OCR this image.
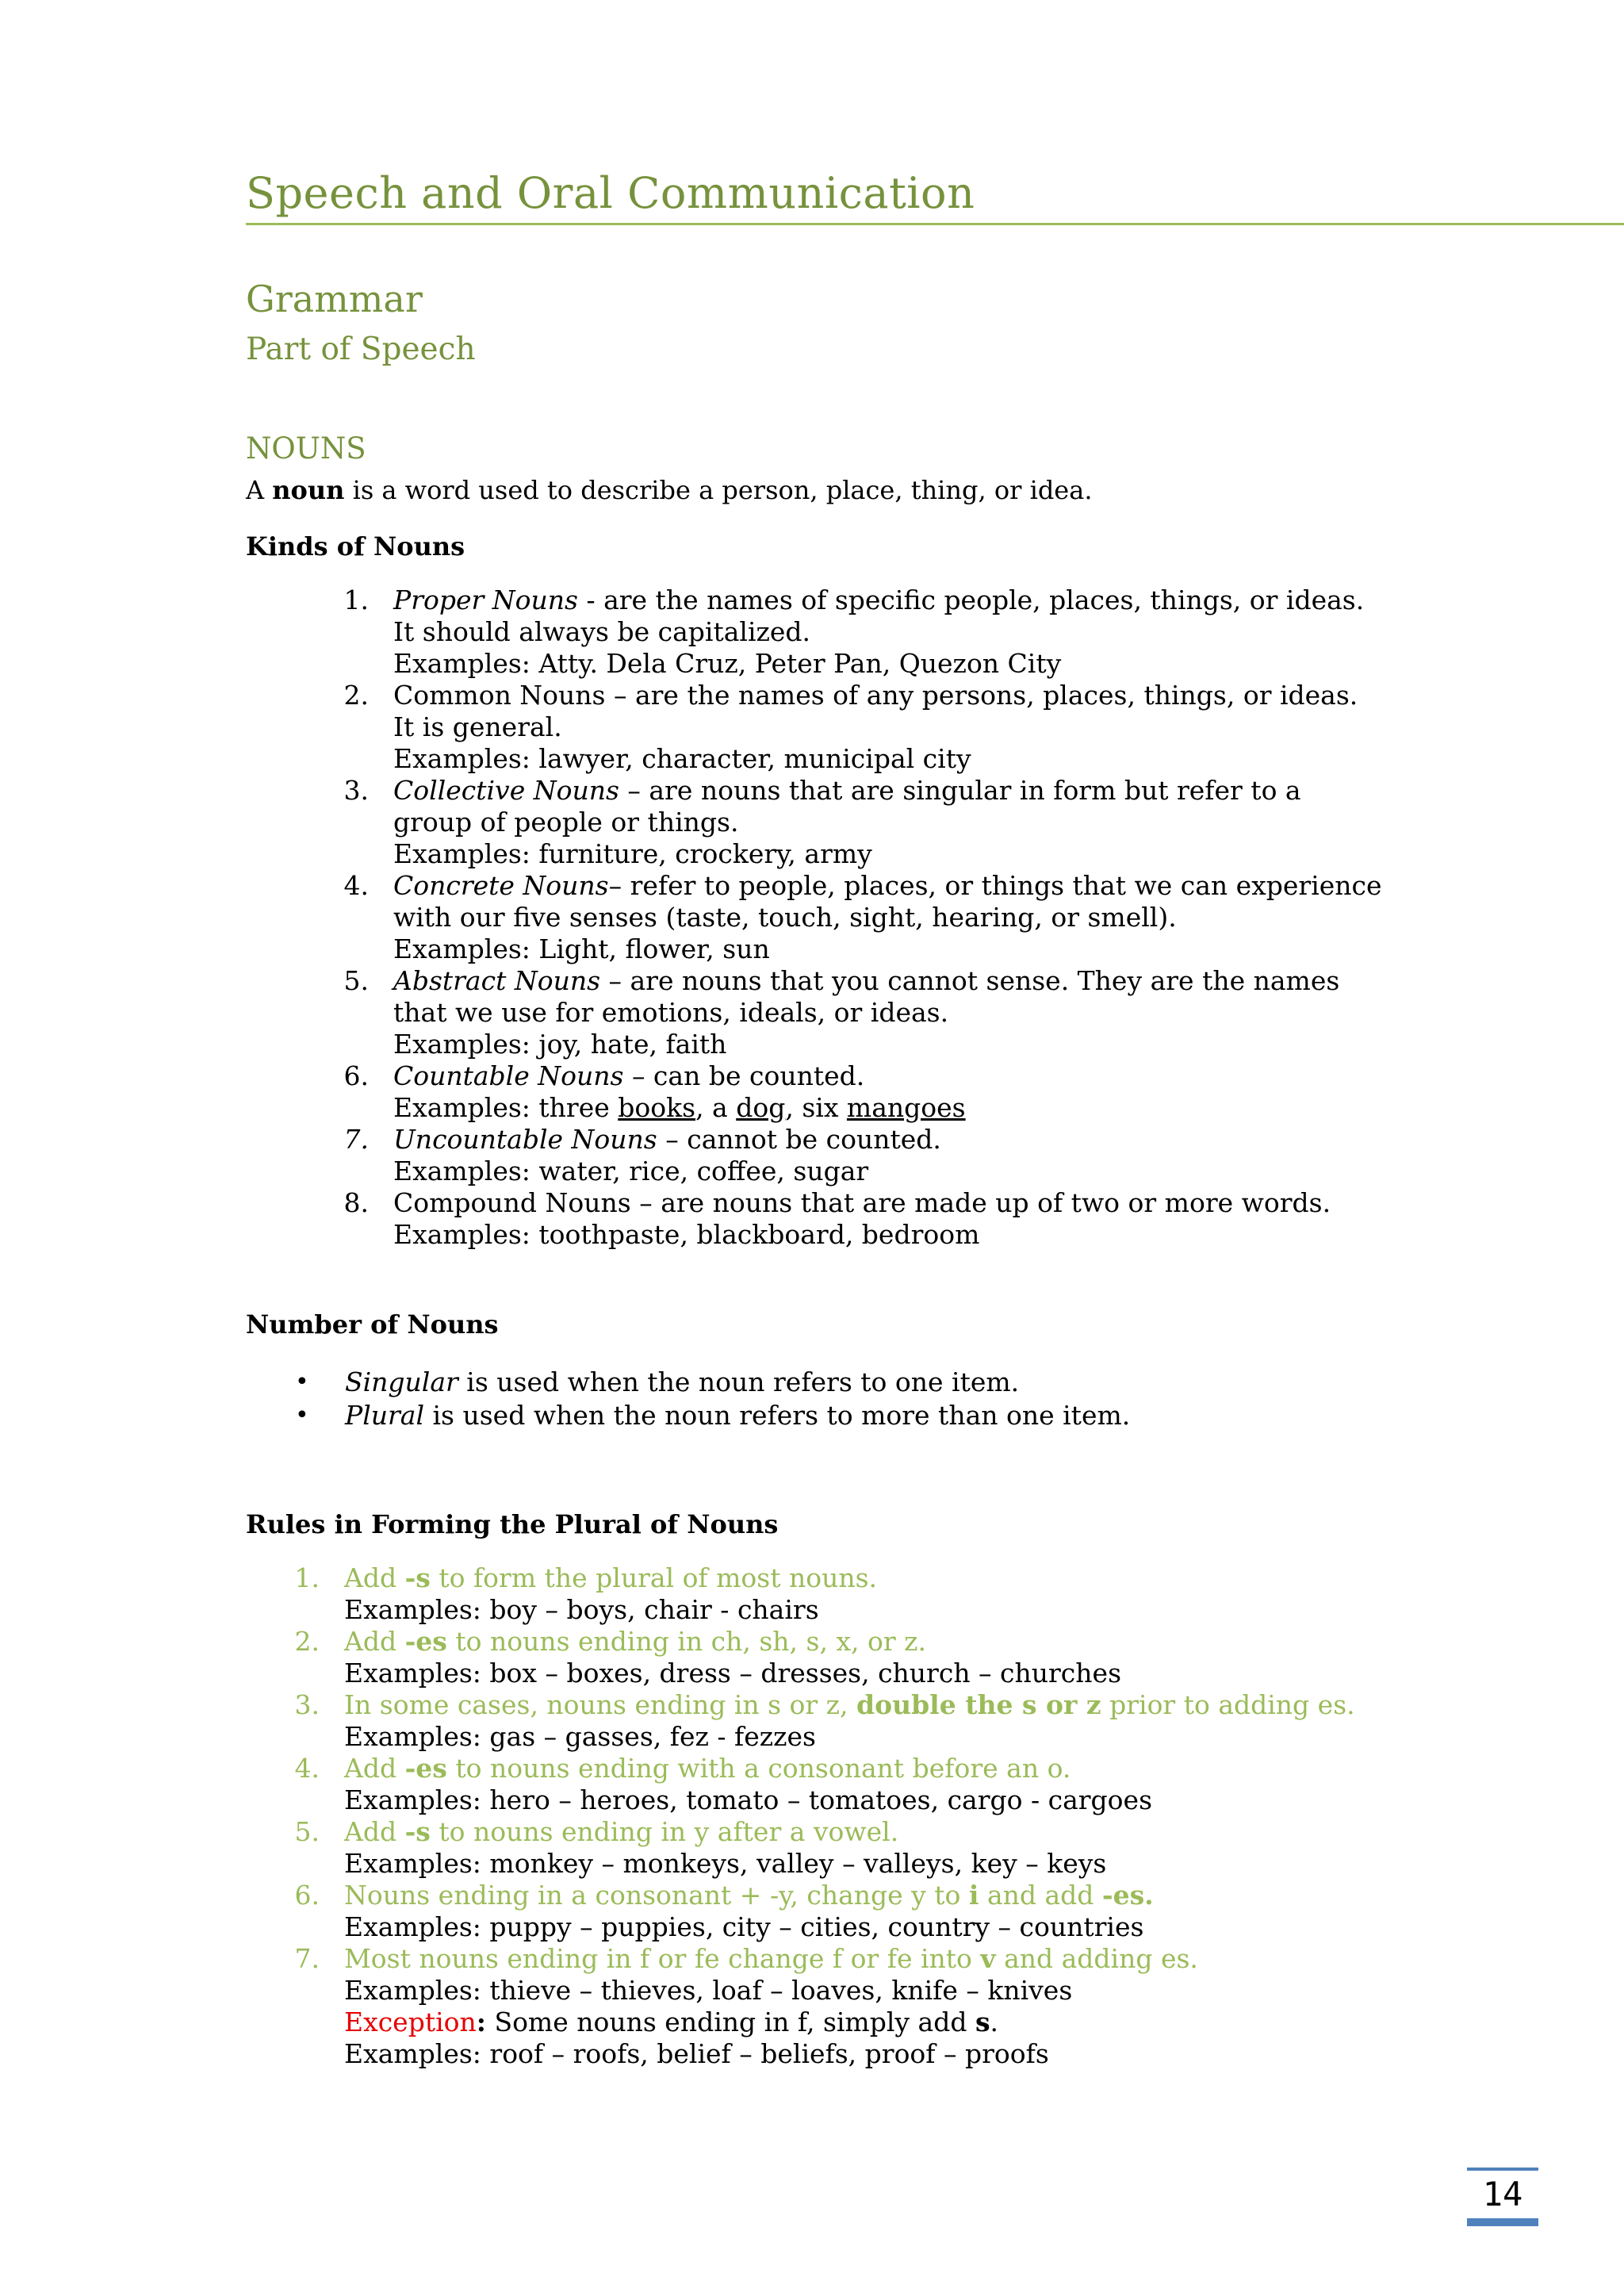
Speech and Oral Communication
Grammar
Part of Speech
NOUNS
A noun is a word used to describe a person, place, thing, or idea.
Kinds of Nouns
1. Proper Nouns - are the names of specific people, places, things, or ideas.
It should always be capitalized.
Examples: Atty. Dela Cruz, Peter Pan, Quezon City
2. Common Nouns – are the names of any persons, places, things, or ideas.
It is general.
Examples: lawyer, character, municipal city
3. Collective Nouns – are nouns that are singular in form but refer to a
group of people or things.
Examples: furniture, crockery, army
4. Concrete Nouns– refer to people, places, or things that we can experience
with our five senses (taste, touch, sight, hearing, or smell).
Examples: Light, flower, sun
5. Abstract Nouns – are nouns that you cannot sense. They are the names
that we use for emotions, ideals, or ideas.
Examples: joy, hate, faith
6. Countable Nouns – can be counted.
Examples: three books, a dog, six mangoes
7. Uncountable Nouns – cannot be counted.
Examples: water, rice, coffee, sugar
8. Compound Nouns – are nouns that are made up of two or more words.
Examples: toothpaste, blackboard, bedroom
Number of Nouns
• Singular is used when the noun refers to one item.
• Plural is used when the noun refers to more than one item.
Rules in Forming the Plural of Nouns
1. Add -s to form the plural of most nouns.
Examples: boy – boys, chair - chairs
2. Add -es to nouns ending in ch, sh, s, x, or z.
Examples: box – boxes, dress – dresses, church – churches
3. In some cases, nouns ending in s or z, double the s or z prior to adding es.
Examples: gas – gasses, fez - fezzes
4. Add -es to nouns ending with a consonant before an o.
Examples: hero – heroes, tomato – tomatoes, cargo - cargoes
5. Add -s to nouns ending in y after a vowel.
Examples: monkey – monkeys, valley – valleys, key – keys
6. Nouns ending in a consonant + -y, change y to i and add -es.
Examples: puppy – puppies, city – cities, country – countries
7. Most nouns ending in f or fe change f or fe into v and adding es.
Examples: thieve – thieves, loaf – loaves, knife – knives
Exception: Some nouns ending in f, simply add s.
Examples: roof – roofs, belief – beliefs, proof – proofs
14
